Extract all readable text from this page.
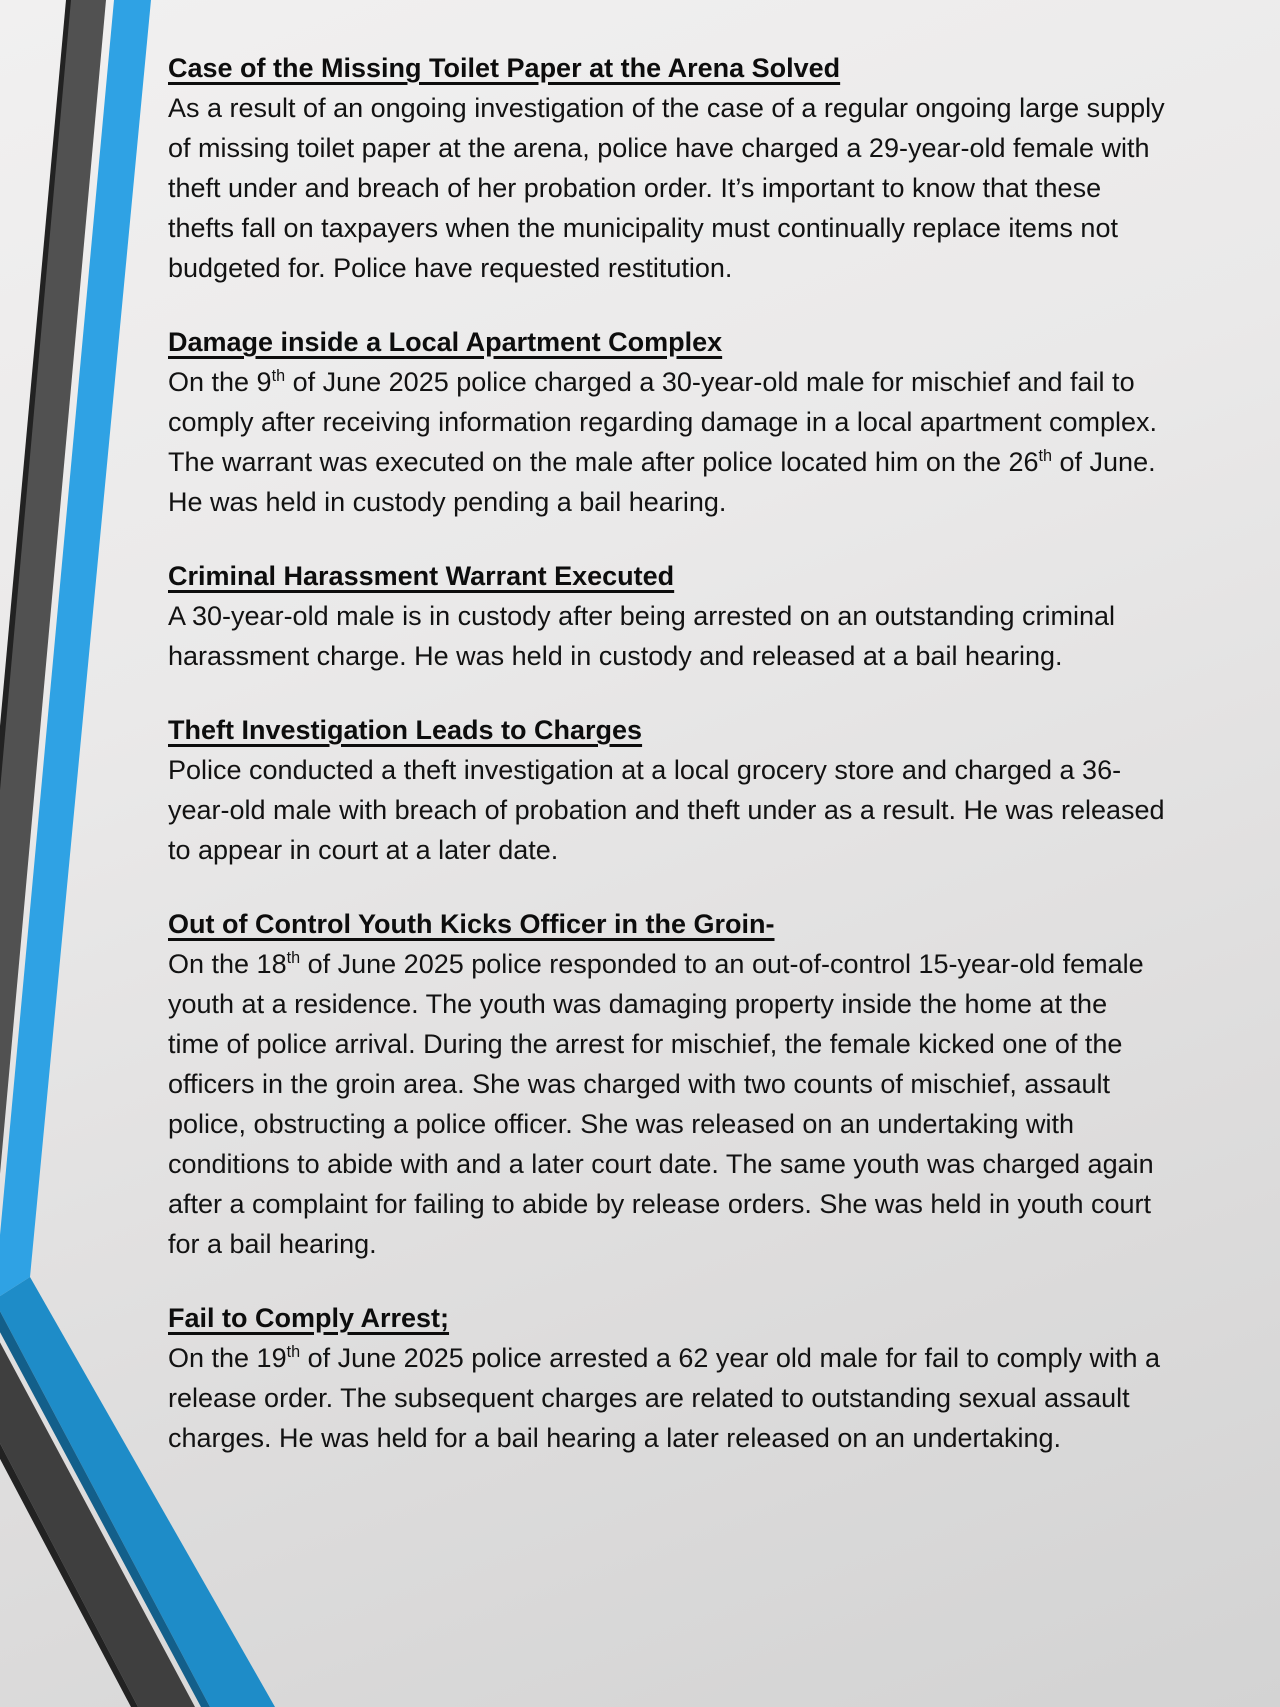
Case of the Missing Toilet Paper at the Arena Solved

As a result of an ongoing investigation of the case of a regular ongoing large supply
of missing toilet paper at the arena, police have charged a 29-year-old female with
theft under and breach of her probation order. It’s important to know that these
thefts fall on taxpayers when the municipality must continually replace items not
budgeted for. Police have requested restitution.

Damage inside a Local Apartment Complex

On the 9th of June 2025 police charged a 30-year-old male for mischief and fail to
comply after receiving information regarding damage in a local apartment complex.
The warrant was executed on the male after police located him on the 26th of June.
He was held in custody pending a bail hearing.

Criminal Harassment Warrant Executed

A 30-year-old male is in custody after being arrested on an outstanding criminal
harassment charge. He was held in custody and released at a bail hearing.

Theft Investigation Leads to Charges

Police conducted a theft investigation at a local grocery store and charged a 36-
year-old male with breach of probation and theft under as a result. He was released
to appear in court at a later date.

Out of Control Youth Kicks Officer in the Groin-

On the 18th of June 2025 police responded to an out-of-control 15-year-old female
youth at a residence. The youth was damaging property inside the home at the
time of police arrival. During the arrest for mischief, the female kicked one of the
officers in the groin area. She was charged with two counts of mischief, assault
police, obstructing a police officer. She was released on an undertaking with
conditions to abide with and a later court date. The same youth was charged again
after a complaint for failing to abide by release orders. She was held in youth court
for a bail hearing.

Fail to Comply Arrest;

On the 19th of June 2025 police arrested a 62 year old male for fail to comply with a
release order. The subsequent charges are related to outstanding sexual assault
charges. He was held for a bail hearing a later released on an undertaking.
